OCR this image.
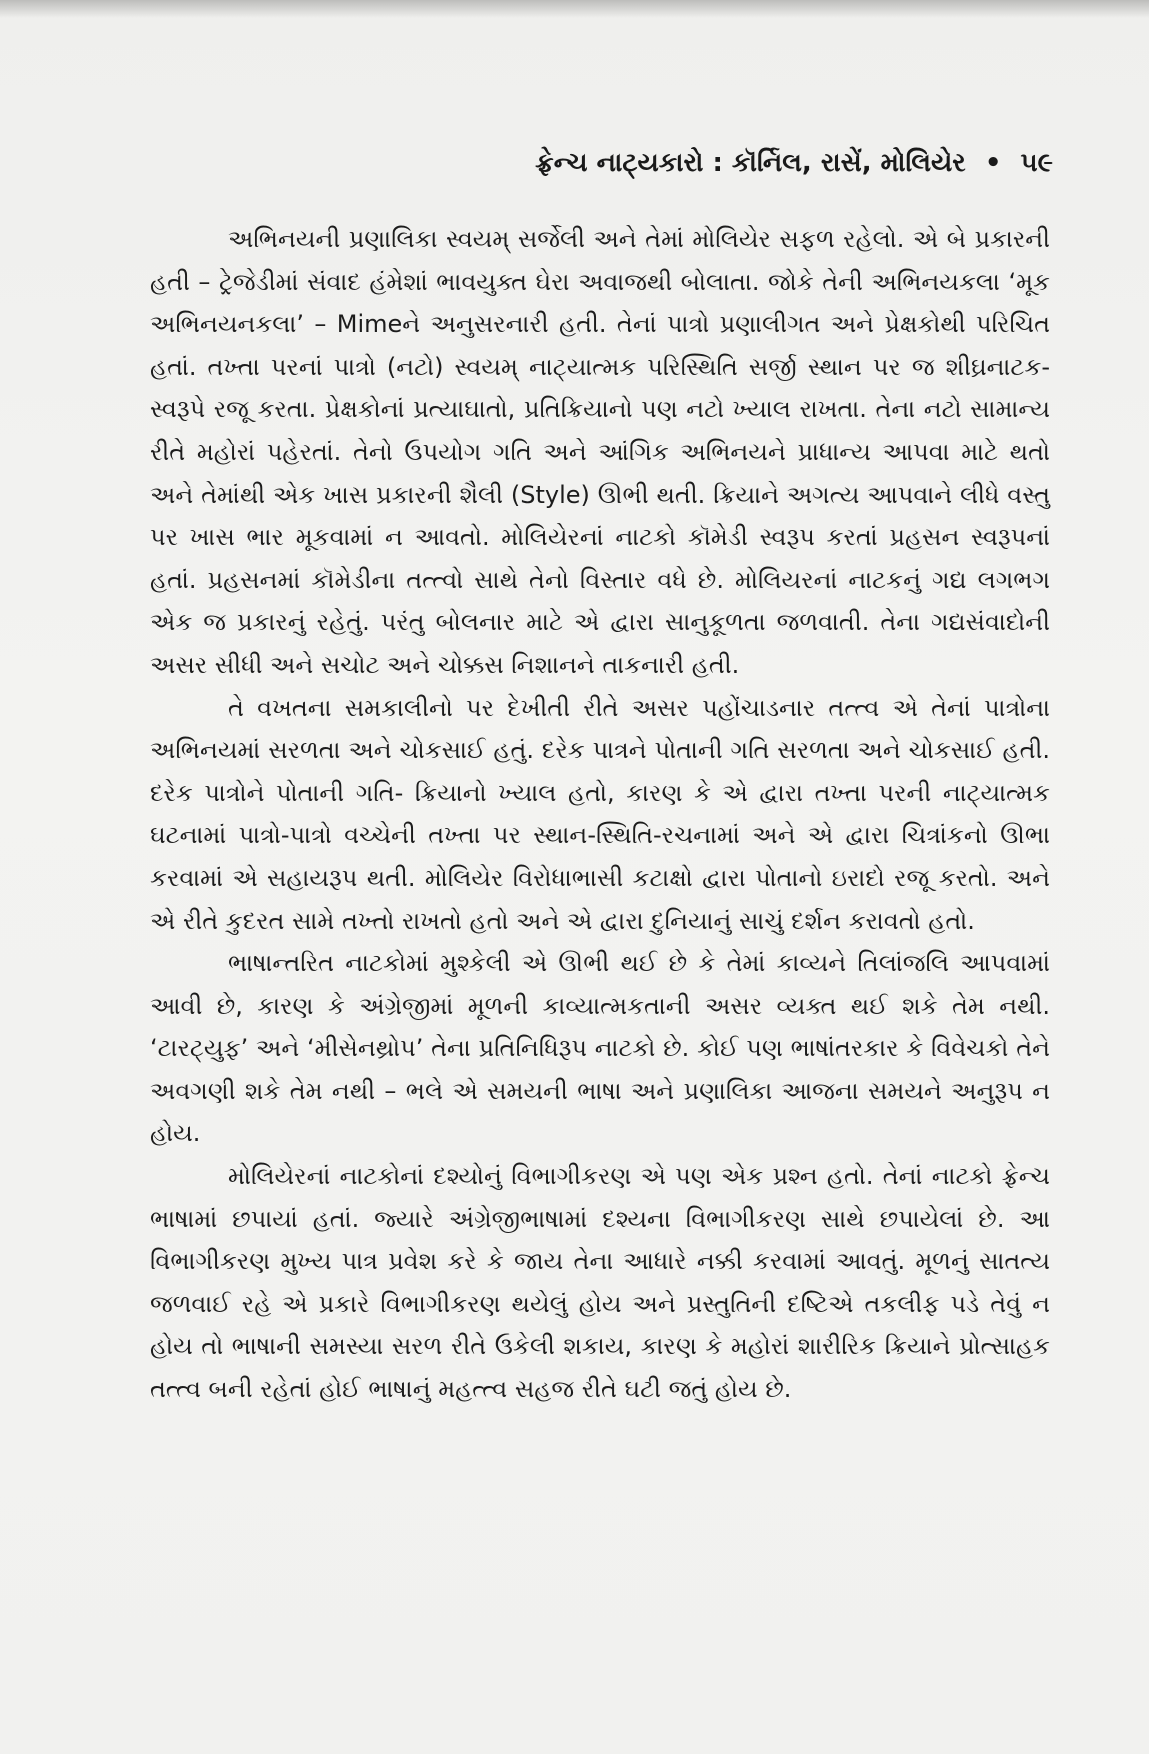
ફ્રેન્ચ નાટ્યકારો : કૉર્નિલ, રાસેં, મોલિયેર • ૫૯

અભિનયની પ્રણાલિકા સ્વયમ્ સર્જેલી અને તેમાં મોલિયેર સફળ રહેલો. એ બે પ્રકારની હતી – ટ્રેજેડીમાં સંવાદ હંમેશાં ભાવયુક્ત ઘેરા અવાજથી બોલાતા. જોકે તેની અભિનયકલા ‘મૂક અભિનયનકલા’ – Mimeને અનુસરનારી હતી. તેનાં પાત્રો પ્રણાલીગત અને પ્રેક્ષકોથી પરિચિત હતાં. તખ્તા પરનાં પાત્રો (નટો) સ્વયમ્ નાટ્યાત્મક પરિસ્થિતિ સર્જી સ્થાન પર જ શીઘ્રનાટક-સ્વરૂપે રજૂ કરતા. પ્રેક્ષકોનાં પ્રત્યાઘાતો, પ્રતિક્રિયાનો પણ નટો ખ્યાલ રાખતા. તેના નટો સામાન્ય રીતે મહોરાં પહેરતાં. તેનો ઉપયોગ ગતિ અને આંગિક અભિનયને પ્રાધાન્ય આપવા માટે થતો અને તેમાંથી એક ખાસ પ્રકારની શૈલી (Style) ઊભી થતી. ક્રિયાને અગત્ય આપવાને લીધે વસ્તુ પર ખાસ ભાર મૂકવામાં ન આવતો. મોલિયેરનાં નાટકો કૉમેડી સ્વરૂપ કરતાં પ્રહસન સ્વરૂપનાં હતાં. પ્રહસનમાં કૉમેડીના તત્ત્વો સાથે તેનો વિસ્તાર વધે છે. મોલિયરનાં નાટકનું ગદ્ય લગભગ એક જ પ્રકારનું રહેતું. પરંતુ બોલનાર માટે એ દ્વારા સાનુકૂળતા જળવાતી. તેના ગદ્યસંવાદોની અસર સીધી અને સચોટ અને ચોક્કસ નિશાનને તાકનારી હતી.

તે વખતના સમકાલીનો પર દેખીતી રીતે અસર પહોંચાડનાર તત્ત્વ એ તેનાં પાત્રોના અભિનયમાં સરળતા અને ચોકસાઈ હતું. દરેક પાત્રને પોતાની ગતિ સરળતા અને ચોકસાઈ હતી. દરેક પાત્રોને પોતાની ગતિ- ક્રિયાનો ખ્યાલ હતો, કારણ કે એ દ્વારા તખ્તા પરની નાટ્યાત્મક ઘટનામાં પાત્રો-પાત્રો વચ્ચેની તખ્તા પર સ્થાન-સ્થિતિ-રચનામાં અને એ દ્વારા ચિત્રાંકનો ઊભા કરવામાં એ સહાયરૂપ થતી. મોલિયેર વિરોધાભાસી કટાક્ષો દ્વારા પોતાનો ઇરાદો રજૂ કરતો. અને એ રીતે કુદરત સામે તખ્તો રાખતો હતો અને એ દ્વારા દુનિયાનું સાચું દર્શન કરાવતો હતો.

ભાષાન્તરિત નાટકોમાં મુશ્કેલી એ ઊભી થઈ છે કે તેમાં કાવ્યને તિલાંજલિ આપવામાં આવી છે, કારણ કે અંગ્રેજીમાં મૂળની કાવ્યાત્મકતાની અસર વ્યક્ત થઈ શકે તેમ નથી. ‘ટારટ્યુફ’ અને ‘મીસેનથ્રોપ’ તેના પ્રતિનિધિરૂપ નાટકો છે. કોઈ પણ ભાષાંતરકાર કે વિવેચકો તેને અવગણી શકે તેમ નથી – ભલે એ સમયની ભાષા અને પ્રણાલિકા આજના સમયને અનુરૂપ ન હોય.

મોલિયેરનાં નાટકોનાં દશ્યોનું વિભાગીકરણ એ પણ એક પ્રશ્ન હતો. તેનાં નાટકો ફ્રેન્ચ ભાષામાં છપાયાં હતાં. જ્યારે અંગ્રેજીભાષામાં દશ્યના વિભાગીકરણ સાથે છપાયેલાં છે. આ વિભાગીકરણ મુખ્ય પાત્ર પ્રવેશ કરે કે જાય તેના આધારે નક્કી કરવામાં આવતું. મૂળનું સાતત્ય જળવાઈ રહે એ પ્રકારે વિભાગીકરણ થયેલું હોય અને પ્રસ્તુતિની દષ્ટિએ તકલીફ પડે તેવું ન હોય તો ભાષાની સમસ્યા સરળ રીતે ઉકેલી શકાય, કારણ કે મહોરાં શારીરિક ક્રિયાને પ્રોત્સાહક તત્ત્વ બની રહેતાં હોઈ ભાષાનું મહત્ત્વ સહજ રીતે ઘટી જતું હોય છે.
